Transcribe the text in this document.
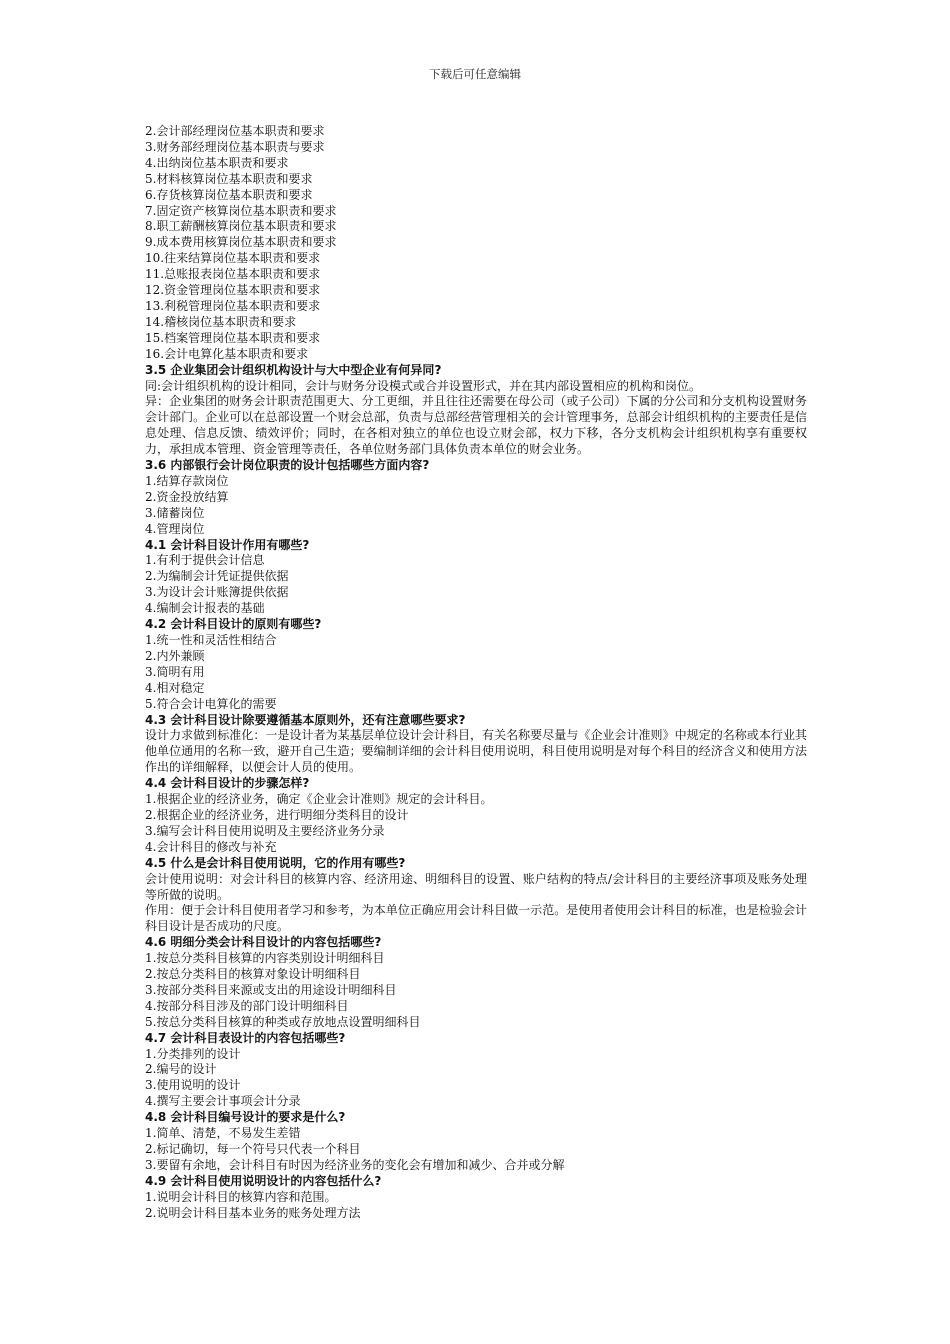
下载后可任意编辑
2.会计部经理岗位基本职责和要求
3.财务部经理岗位基本职责与要求
4.出纳岗位基本职责和要求
5.材料核算岗位基本职责和要求
6.存货核算岗位基本职责和要求
7.固定资产核算岗位基本职责和要求
8.职工薪酬核算岗位基本职责和要求
9.成本费用核算岗位基本职责和要求
10.往来结算岗位基本职责和要求
11.总账报表岗位基本职责和要求
12.资金管理岗位基本职责和要求
13.利税管理岗位基本职责和要求
14.稽核岗位基本职责和要求
15.档案管理岗位基本职责和要求
16.会计电算化基本职责和要求
3.5 企业集团会计组织机构设计与大中型企业有何异同?
同:会计组织机构的设计相同，会计与财务分设模式或合并设置形式，并在其内部设置相应的机构和岗位。
异：企业集团的财务会计职责范围更大、分工更细，并且往往还需要在母公司（或子公司）下属的分公司和分支机构设置财务会计部门。企业可以在总部设置一个财会总部，负责与总部经营管理相关的会计管理事务，总部会计组织机构的主要责任是信息处理、信息反馈、绩效评价；同时，在各相对独立的单位也设立财会部，权力下移，各分支机构会计组织机构享有重要权力，承担成本管理、资金管理等责任，各单位财务部门具体负责本单位的财会业务。
3.6 内部银行会计岗位职责的设计包括哪些方面内容?
1.结算存款岗位
2.资金投放结算
3.储蓄岗位
4.管理岗位
4.1 会计科目设计作用有哪些?
1.有利于提供会计信息
2.为编制会计凭证提供依据
3.为设计会计账簿提供依据
4.编制会计报表的基础
4.2 会计科目设计的原则有哪些?
1.统一性和灵活性相结合
2.内外兼顾
3.简明有用
4.相对稳定
5.符合会计电算化的需要
4.3 会计科目设计除要遵循基本原则外，还有注意哪些要求?
设计力求做到标准化：一是设计者为某基层单位设计会计科目，有关名称要尽量与《企业会计准则》中规定的名称或本行业其他单位通用的名称一致，避开自己生造；要编制详细的会计科目使用说明，科目使用说明是对每个科目的经济含义和使用方法作出的详细解释，以便会计人员的使用。
4.4 会计科目设计的步骤怎样?
1.根据企业的经济业务，确定《企业会计准则》规定的会计科目。
2.根据企业的经济业务，进行明细分类科目的设计
3.编写会计科目使用说明及主要经济业务分录
4.会计科目的修改与补充
4.5 什么是会计科目使用说明，它的作用有哪些?
会计使用说明：对会计科目的核算内容、经济用途、明细科目的设置、账户结构的特点/会计科目的主要经济事项及账务处理等所做的说明。
作用：便于会计科目使用者学习和参考，为本单位正确应用会计科目做一示范。是使用者使用会计科目的标准，也是检验会计科目设计是否成功的尺度。
4.6 明细分类会计科目设计的内容包括哪些?
1.按总分类科目核算的内容类别设计明细科目
2.按总分类科目的核算对象设计明细科目
3.按部分类科目来源或支出的用途设计明细科目
4.按部分科目涉及的部门设计明细科目
5.按总分类科目核算的种类或存放地点设置明细科目
4.7 会计科目表设计的内容包括哪些?
1.分类排列的设计
2.编号的设计
3.使用说明的设计
4.撰写主要会计事项会计分录
4.8 会计科目编号设计的要求是什么?
1.简单、清楚，不易发生差错
2.标记确切，每一个符号只代表一个科目
3.要留有余地，会计科目有时因为经济业务的变化会有增加和减少、合并或分解
4.9 会计科目使用说明设计的内容包括什么?
1.说明会计科目的核算内容和范围。
2.说明会计科目基本业务的账务处理方法
